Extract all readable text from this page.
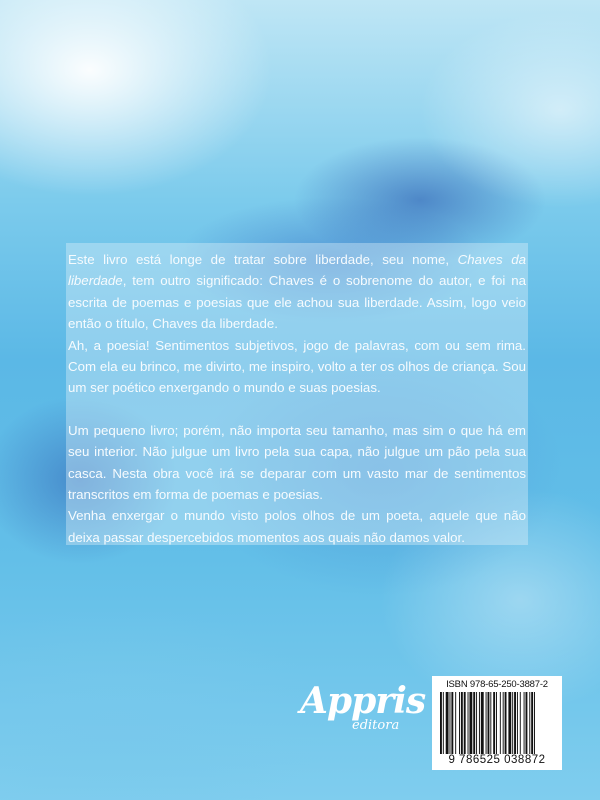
Este livro está longe de tratar sobre liberdade, seu nome, Chaves da liberdade, tem outro significado: Chaves é o sobrenome do autor, e foi na escrita de poemas e poesias que ele achou sua liberdade. Assim, logo veio então o título, Chaves da liberdade.

Ah, a poesia! Sentimentos subjetivos, jogo de palavras, com ou sem rima. Com ela eu brinco, me divirto, me inspiro, volto a ter os olhos de criança. Sou um ser poético enxergando o mundo e suas poesias.

Um pequeno livro; porém, não importa seu tamanho, mas sim o que há em seu interior. Não julgue um livro pela sua capa, não julgue um pão pela sua casca. Nesta obra você irá se deparar com um vasto mar de sentimentos transcritos em forma de poemas e poesias.

Venha enxergar o mundo visto polos olhos de um poeta, aquele que não deixa passar despercebidos momentos aos quais não damos valor.

Appris
editora
ISBN 978-65-250-3887-2
9 786525 038872
